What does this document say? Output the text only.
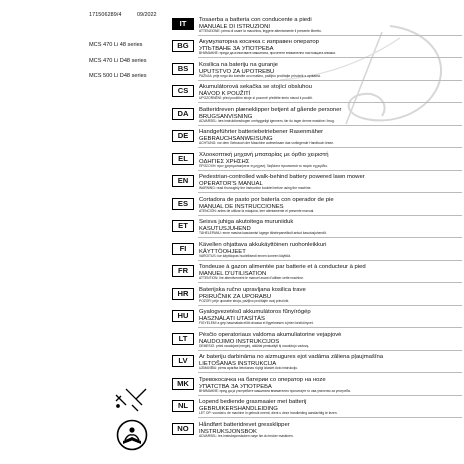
171506289/4	09/2022
MCS 470 Li 48 series
MCS 470 Li D48 series
MCS 500 Li D48 series
IT	Tosaerba a batteria con conducente a piedi
MANUALE DI ISTRUZIONI
ATTENZIONE: prima di usare la macchina, leggere attentamente il presente libretto.
BG	Акумулаторна косачка с изправен оператор
УПЪТВАНЕ ЗА УПОТРЕБА
ВНИМАНИЕ: преди да използвате машината, прочетете внимателно настоящата книжка.
BS	Kosilica na bateriju na guranje
UPUTSTVO ZA UPOTREBU
PAŽNJA: prije nego što koristite ovu mašinu, pažljivo pročitajte priručnik s uputama.
CS	Akumulátorová sekačka se stojící obsluhou
NÁVOD K POUŽITÍ
UPOZORNĚNÍ: před použitím stroje si pozorně přečtěte tento návod k použití.
DA	Batteridreven plæneklipper betjent af gående personer
BRUGSANVISNING
ADVARSEL: læs instruktionsbogen omhyggeligt igennem, før du tager denne maskine i brug.
DE	Handgeführter batteriebetriebener Rasenmäher
GEBRAUCHSANWEISUNG
ACHTUNG: vor dem Gebrauch der Maschine aufmerksam das vorliegende Handbuch lesen.
EL	Χλοοκοπτική μηχανή μπαταρίας με όρθιο χειριστή
ΟΔΗΓΙΕΣ ΧΡΗΣΗΣ
ΠΡΟΣΟΧΗ: πριν χρησιμοποιήσετε τη μηχανή, διαβάστε προσεκτικά το παρόν εγχειρίδιο.
EN	Pedestrian-controlled walk-behind battery powered lawn mower
OPERATOR'S MANUAL
WARNING: read thoroughly the instruction booklet before using the machine.
ES	Cortadora de pasto por batería con operador de pie
MANUAL DE INSTRUCCIONES
ATENCIÓN: antes de utilizar la máquina, leer atentamente el presente manual.
ET	Seisva juhiga akutoitega muruniiduk
KASUTUSJUHEND
TÄHELEPANU: enne masina kasutamist lugege tähelepanelikult antud kasutusjuhendit.
FI	Kävellen ohjattava akkukäyttöinen ruohonleikkuri
KÄYTTÖOHJEET
VAROITUS: lue käyttöopas huolellisesti ennen koneen käyttöä.
FR	Tondeuse à gazon alimentée par batterie et à conducteur à pied
MANUEL D'UTILISATION
ATTENTION: lire attentivement le manuel avant d'utiliser cette machine.
HR	Baterijska ručno upravljana kosilica trave
PRIRUČNIK ZA UPORABU
POZOR: prije uporabe stroja, pažljivo pročitajte ovaj priručnik.
HU	Gyalogvezetésű akkumulátoros fűnyírógép
HASZNÁLATI UTASÍTÁS
FIGYELEM! a gép használata előtt olvassa el figyelmesen a jelen kézikönyvet.
LT	Pėsčio operatoriaus valdoma akumuliatorine vejapjovė
NAUDOJIMO INSTRUKCIJOS
DĖMESIO: prieš naudojant įrenginį, atidžiai perskaityti šį naudotojo vadovą.
LV	Ar bateriju darbināma no aizmugures ejot vadāma zāliena pļaujmašīna
LIETOŠANAS INSTRUKCIJA
UZMANĪBU: pirms aparāta lietošanas rūpīgi izlasiet doto instrukciju.
MK	Тревокосачка на батерии со оператор на ноze
УПАТСТВА ЗА УПОТРЕБА
ВНИМАНИЕ: пред да ја употребите машината внимателно прочитајте го ова упатство за употреба.
NL	Lopend bediende grasmaaier met batterij
GEBRUIKERSHANDLEIDING
LET OP: voordat u de machine in gebruik neemt, dient u deze handleiding aandachtig te lezen.
NO	Håndført batteridrevet gressklipper
INSTRUKSJONSBOK
ADVARSEL: les instruksjonsboken nøye før du bruker maskinen.
